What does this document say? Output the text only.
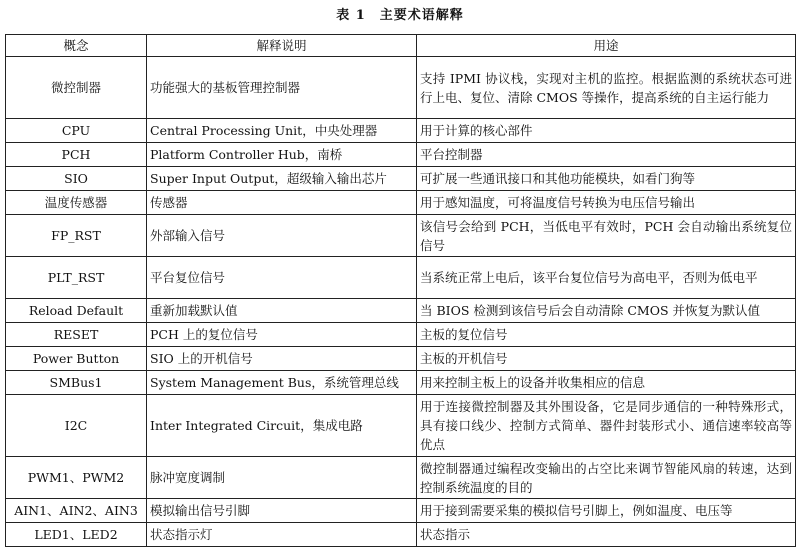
表 1　主要术语解释
概念	解释说明	用途
微控制器	功能强大的基板管理控制器	支持 IPMI 协议栈，实现对主机的监控。根据监测的系统状态可进行上电、复位、清除 CMOS 等操作，提高系统的自主运行能力
CPU	Central Processing Unit，中央处理器	用于计算的核心部件
PCH	Platform Controller Hub，南桥	平台控制器
SIO	Super Input Output，超级输入输出芯片	可扩展一些通讯接口和其他功能模块，如看门狗等
温度传感器	传感器	用于感知温度，可将温度信号转换为电压信号输出
FP_RST	外部输入信号	该信号会给到 PCH，当低电平有效时，PCH 会自动输出系统复位信号
PLT_RST	平台复位信号	当系统正常上电后，该平台复位信号为高电平，否则为低电平
Reload Default	重新加载默认值	当 BIOS 检测到该信号后会自动清除 CMOS 并恢复为默认值
RESET	PCH 上的复位信号	主板的复位信号
Power Button	SIO 上的开机信号	主板的开机信号
SMBus1	System Management Bus，系统管理总线	用来控制主板上的设备并收集相应的信息
I2C	Inter Integrated Circuit，集成电路	用于连接微控制器及其外围设备，它是同步通信的一种特殊形式，具有接口线少、控制方式简单、器件封装形式小、通信速率较高等优点
PWM1、PWM2	脉冲宽度调制	微控制器通过编程改变输出的占空比来调节智能风扇的转速，达到控制系统温度的目的
AIN1、AIN2、AIN3	模拟输出信号引脚	用于接到需要采集的模拟信号引脚上，例如温度、电压等
LED1、LED2	状态指示灯	状态指示
